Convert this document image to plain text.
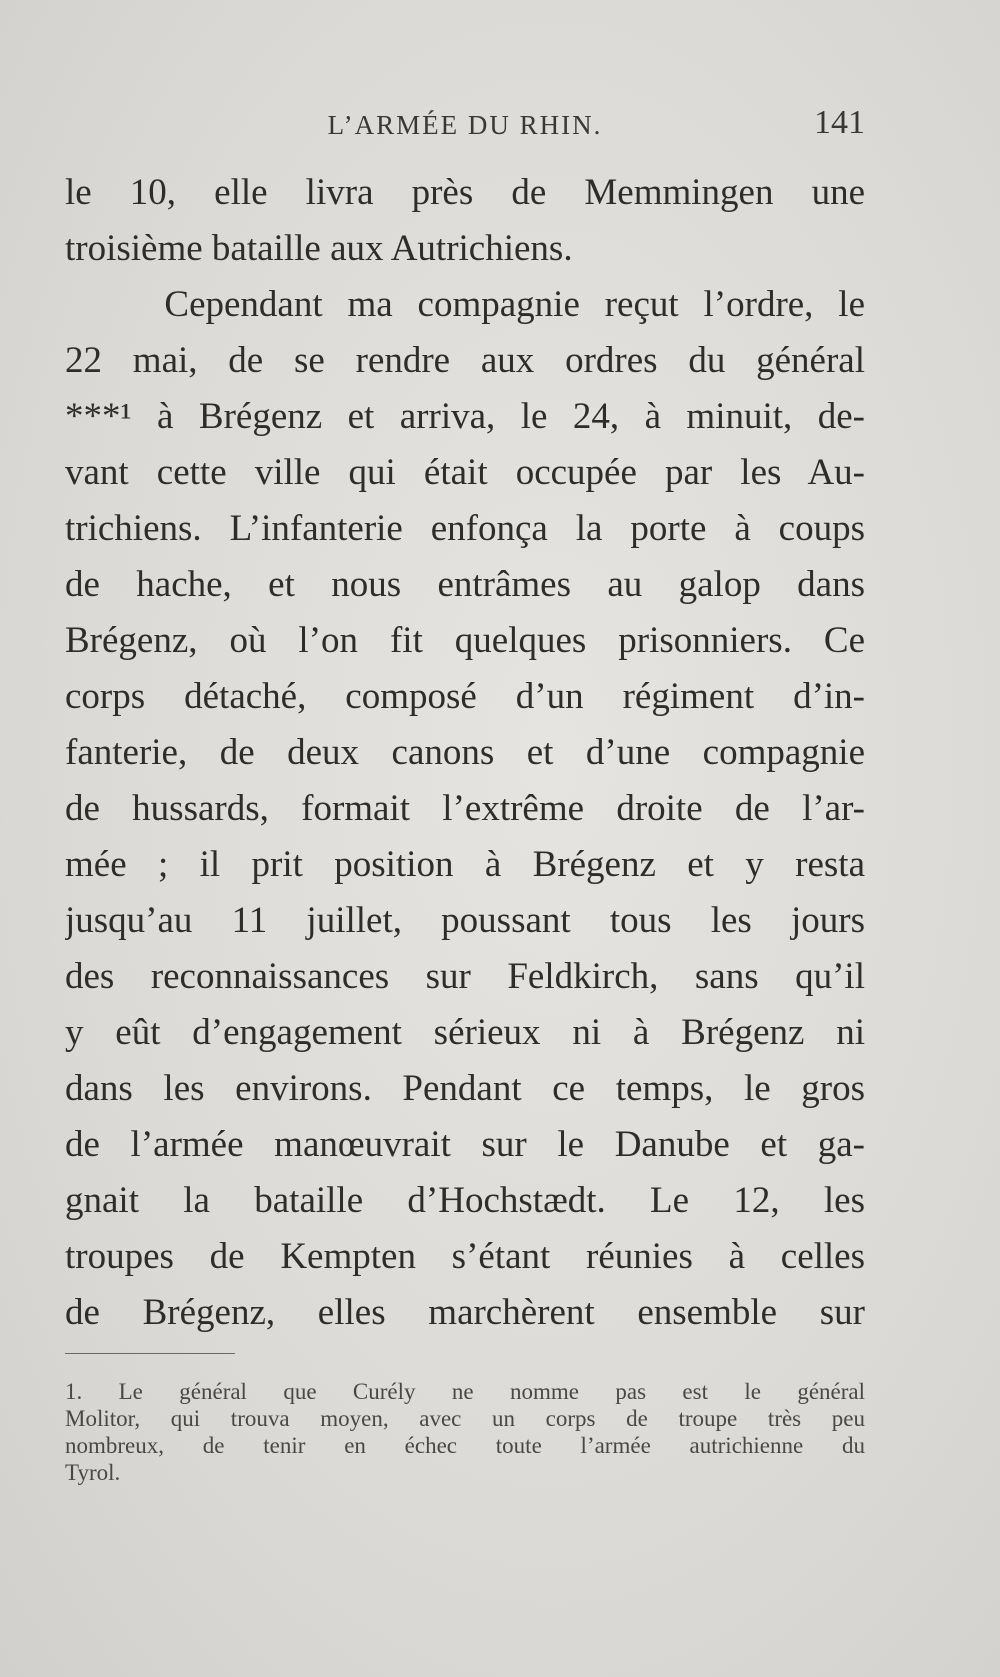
L’ARMÉE DU RHIN.	141
le 10, elle livra près de Memmingen une
troisième bataille aux Autrichiens.
Cependant ma compagnie reçut l’ordre, le
22 mai, de se rendre aux ordres du général
***¹ à Brégenz et arriva, le 24, à minuit, de-
vant cette ville qui était occupée par les Au-
trichiens. L’infanterie enfonça la porte à coups
de hache, et nous entrâmes au galop dans
Brégenz, où l’on fit quelques prisonniers. Ce
corps détaché, composé d’un régiment d’in-
fanterie, de deux canons et d’une compagnie
de hussards, formait l’extrême droite de l’ar-
mée ; il prit position à Brégenz et y resta
jusqu’au 11 juillet, poussant tous les jours
des reconnaissances sur Feldkirch, sans qu’il
y eût d’engagement sérieux ni à Brégenz ni
dans les environs. Pendant ce temps, le gros
de l’armée manœuvrait sur le Danube et ga-
gnait la bataille d’Hochstædt. Le 12, les
troupes de Kempten s’étant réunies à celles
de Brégenz, elles marchèrent ensemble sur
1. Le général que Curély ne nomme pas est le général
Molitor, qui trouva moyen, avec un corps de troupe très peu
nombreux, de tenir en échec toute l’armée autrichienne du
Tyrol.
